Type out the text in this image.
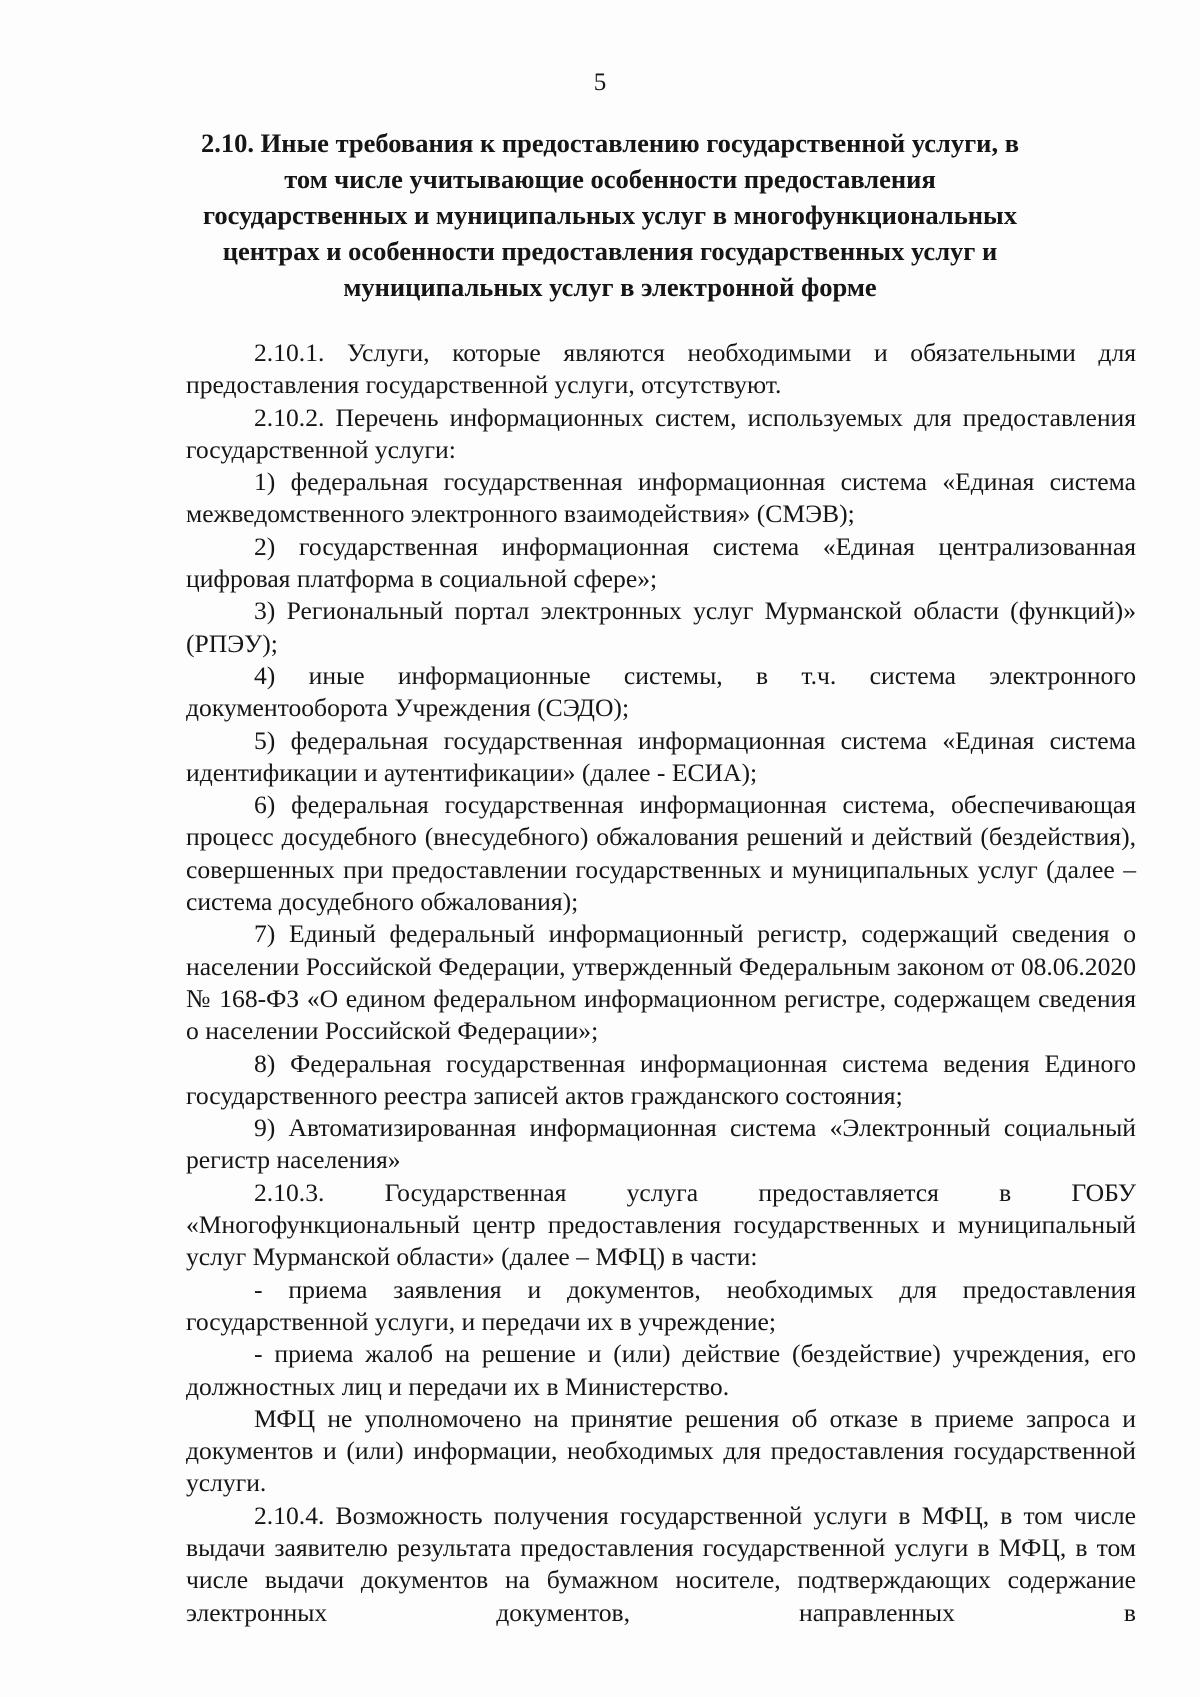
5
2.10. Иные требования к предоставлению государственной услуги, в том числе учитывающие особенности предоставления государственных и муниципальных услуг в многофункциональных центрах и особенности предоставления государственных услуг и муниципальных услуг в электронной форме

2.10.1. Услуги, которые являются необходимыми и обязательными для предоставления государственной услуги, отсутствуют.

2.10.2. Перечень информационных систем, используемых для предоставления государственной услуги:

1) федеральная государственная информационная система «Единая система межведомственного электронного взаимодействия» (СМЭВ);

2) государственная информационная система «Единая централизованная цифровая платформа в социальной сфере»;

3) Региональный портал электронных услуг Мурманской области (функций)» (РПЭУ);

4) иные информационные системы, в т.ч. система электронного документооборота Учреждения (СЭДО);

5) федеральная государственная информационная система «Единая система идентификации и аутентификации» (далее - ЕСИА);

6) федеральная государственная информационная система, обеспечивающая процесс досудебного (внесудебного) обжалования решений и действий (бездействия), совершенных при предоставлении государственных и муниципальных услуг (далее – система досудебного обжалования);

7) Единый федеральный информационный регистр, содержащий сведения о населении Российской Федерации, утвержденный Федеральным законом от 08.06.2020 № 168-ФЗ «О едином федеральном информационном регистре, содержащем сведения о населении Российской Федерации»;

8) Федеральная государственная информационная система ведения Единого государственного реестра записей актов гражданского состояния;

9) Автоматизированная информационная система «Электронный социальный регистр населения»

2.10.3. Государственная услуга предоставляется в ГОБУ «Многофункциональный центр предоставления государственных и муниципальный услуг Мурманской области» (далее – МФЦ) в части:

- приема заявления и документов, необходимых для предоставления государственной услуги, и передачи их в учреждение;

- приема жалоб на решение и (или) действие (бездействие) учреждения, его должностных лиц и передачи их в Министерство.

МФЦ не уполномочено на принятие решения об отказе в приеме запроса и документов и (или) информации, необходимых для предоставления государственной услуги.

2.10.4. Возможность получения государственной услуги в МФЦ, в том числе выдачи заявителю результата предоставления государственной услуги в МФЦ, в том числе выдачи документов на бумажном носителе, подтверждающих содержание электронных документов, направленных в
